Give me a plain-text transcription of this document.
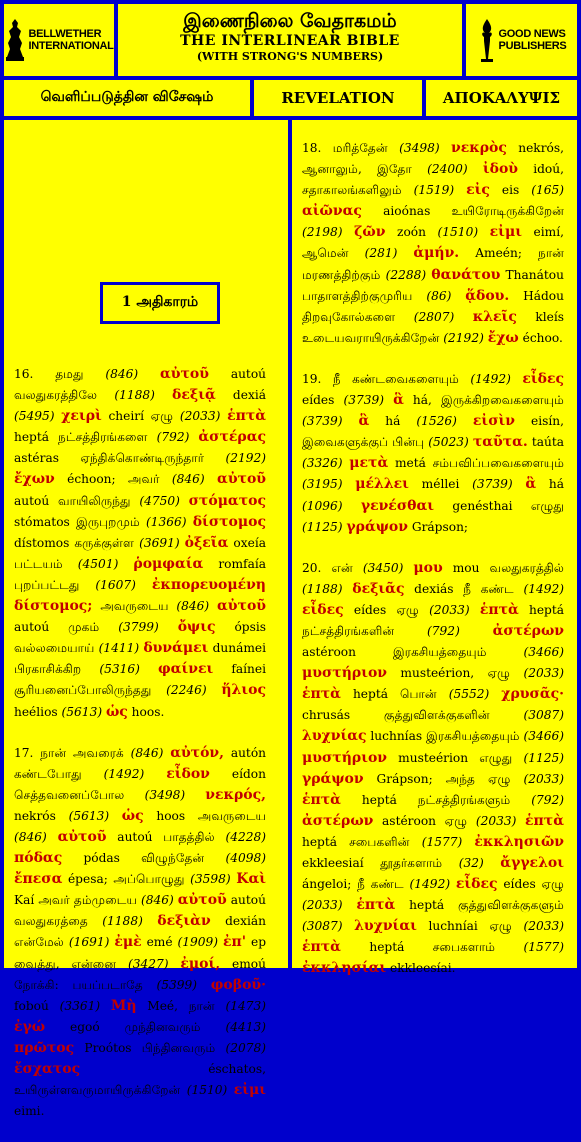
BELLWETHER
INTERNATIONAL
இணைநிலை வேதாகமம்
THE INTERLINEAR BIBLE
(WITH STRONG'S NUMBERS)
GOOD NEWS
PUBLISHERS
வெளிப்படுத்தின விசேஷம்	REVELATION	ΑΠΟΚΑΛΥΨΙΣ
1 அதிகாரம்

16. தமது (846) αὐτοῦ autoú வலதுகரத்திலே (1188) δεξιᾷ dexiá (5495) χειρὶ cheirí ஏழு (2033) ἑπτὰ heptá நட்சத்திரங்களை (792) ἀστέρας astéras ஏந்திக்கொண்டிருந்தார் (2192) ἔχων échoon; அவர் (846) αὐτοῦ autoú வாயிலிருந்து (4750) στόματος stómatos இருபுறமும் (1366) δίστομος dístomos கருக்குள்ள (3691) ὀξεῖα oxeía பட்டயம் (4501) ῥομφαία romfaía புறப்பட்டது (1607) ἐκπορευομένη δίστομος; அவருடைய (846) αὐτοῦ autoú முகம் (3799) ὄψις ópsis வல்லமையாய் (1411) δυνάμει dunámei பிரகாசிக்கிற (5316) φαίνει faínei சூரியனைப்போலிருந்தது (2246) ἥλιος heélios (5613) ὡς hoos.

17. நான் அவரைக் (846) αὐτόν, autón கண்டபோது (1492) εἶδον eídon செத்தவனைப்போல (3498) νεκρός, nekrós (5613) ὡς hoos அவருடைய (846) αὐτοῦ autoú பாதத்தில் (4228) πόδας pódas விழுந்தேன் (4098) ἔπεσα épesa; அப்பொழுது (3598) Καὶ Kaí அவர் தம்முடைய (846) αὐτοῦ autoú வலதுகரத்தை (1188) δεξιὰν dexián என்மேல் (1691) ἐμὲ emé (1909) ἐπ' ep வைத்து, என்னை (3427) ἐμοί, emoú நோக்கி: பயப்படாதே (5399) φοβοῦ· foboú (3361) Μὴ Meé, நான் (1473) ἐγώ egoó முந்தினவரும் (4413) πρῶτος Proótos பிந்தினவரும் (2078) ἔσχατος éschatos, உயிருள்ளவருமாயிருக்கிறேன் (1510) εἰμι eimi.

18. மரித்தேன் (3498) νεκρὸς nekrós, ஆனாலும், இதோ (2400) ἰδοὺ idoú, சதாகாலங்களிலும் (1519) εἰς eis (165) αἰῶνας aioónas உயிரோடிருக்கிறேன் (2198) ζῶν zoón (1510) εἰμι eimí, ஆமென் (281) ἀμήν. Ameén; நான் மரணத்திற்கும் (2288) θανάτου Thanátou பாதாளத்திற்குமுரிய (86) ᾅδου. Hádou திறவுகோல்களை (2807) κλεῖς kleís உடையவராயிருக்கிறேன் (2192) ἔχω échoo.

19. நீ கண்டவைகளையும் (1492) εἶδες eídes (3739) ἃ há, இருக்கிறவைகளையும் (3739) ἃ há (1526) εἰσὶν eisín, இவைகளுக்குப் பின்பு (5023) ταῦτα. taúta (3326) μετὰ metá சம்பவிப்பவைகளையும் (3195) μέλλει méllei (3739) ἃ há (1096) γενέσθαι genésthai எழுது (1125) γράψον Grápson;

20. என் (3450) μου mou வலதுகரத்தில் (1188) δεξιᾶς dexiás நீ கண்ட (1492) εἶδες eídes ஏழு (2033) ἑπτὰ heptá நட்சத்திரங்களின் (792) ἀστέρων astéroon இரகசியத்தையும் (3466) μυστήριον musteérion, ஏழு (2033) ἑπτὰ heptá பொன் (5552) χρυσᾶς· chrusás குத்துவிளக்குகளின் (3087) λυχνίας luchnías இரகசியத்தையும் (3466) μυστήριον musteérion எழுது (1125) γράψον Grápson; அந்த ஏழு (2033) ἑπτὰ heptá நட்சத்திரங்களும் (792) ἀστέρων astéroon ஏழு (2033) ἑπτὰ heptá சபைகளின் (1577) ἐκκλησιῶν ekkleesiaí தூதர்களாம் (32) ἄγγελοι ángeloi; நீ கண்ட (1492) εἶδες eídes ஏழு (2033) ἑπτὰ heptá குத்துவிளக்குகளும் (3087) λυχνίαι luchníai ஏழு (2033) ἑπτὰ heptá சபைகளாம் (1577) ἐκκλησίαι ekkleesíai.
